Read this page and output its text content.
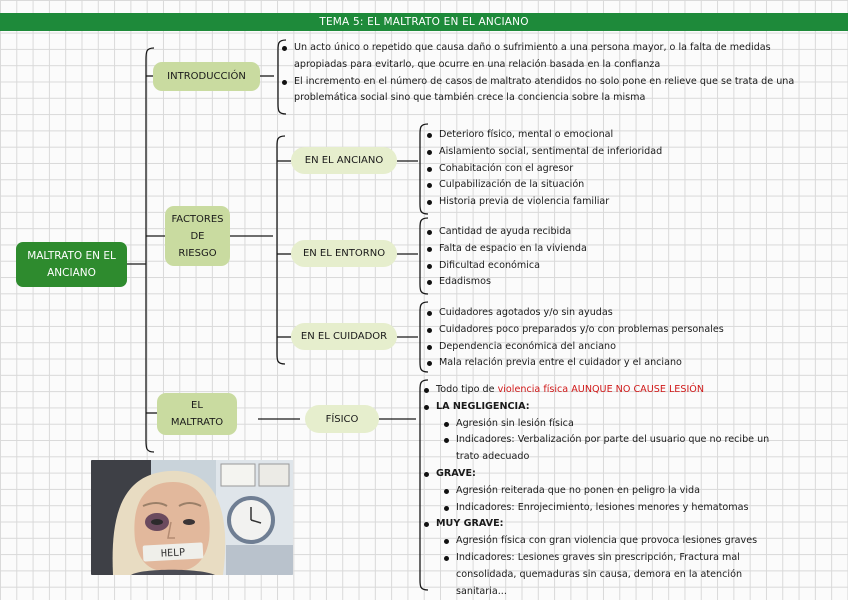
TEMA 5: EL MALTRATO EN EL ANCIANO
MALTRATO EN EL
ANCIANO
INTRODUCCIÓN
FACTORES
DE
RIESGO
EL
MALTRATO
EN EL ANCIANO
EN EL ENTORNO
EN EL CUIDADOR
FÍSICO
Un acto único o repetido que causa daño o sufrimiento a una persona mayor, o la falta de medidas apropiadas para evitarlo, que ocurre en una relación basada en la confianza
El incremento en el número de casos de maltrato atendidos no solo pone en relieve que se trata de una problemática social sino que también crece la conciencia sobre la misma
Deterioro físico, mental o emocional
Aislamiento social, sentimental de inferioridad
Cohabitación con el agresor
Culpabilización de la situación
Historia previa de violencia familiar
Cantidad de ayuda recibida
Falta de espacio en la vivienda
Dificultad económica
Edadismos
Cuidadores agotados y/o sin ayudas
Cuidadores poco preparados y/o con problemas personales
Dependencia económica del anciano
Mala relación previa entre el cuidador y el anciano
Todo tipo de violencia física AUNQUE NO CAUSE LESIÓN
LA NEGLIGENCIA:
Agresión sin lesión física
Indicadores: Verbalización por parte del usuario que no recibe un trato adecuado
GRAVE:
Agresión reiterada que no ponen en peligro la vida
Indicadores: Enrojecimiento, lesiones menores y hematomas
MUY GRAVE:
Agresión física con gran violencia que provoca lesiones graves
Indicadores: Lesiones graves sin prescripción, Fractura mal consolidada, quemaduras sin causa, demora en la atención sanitaria...
HELP
